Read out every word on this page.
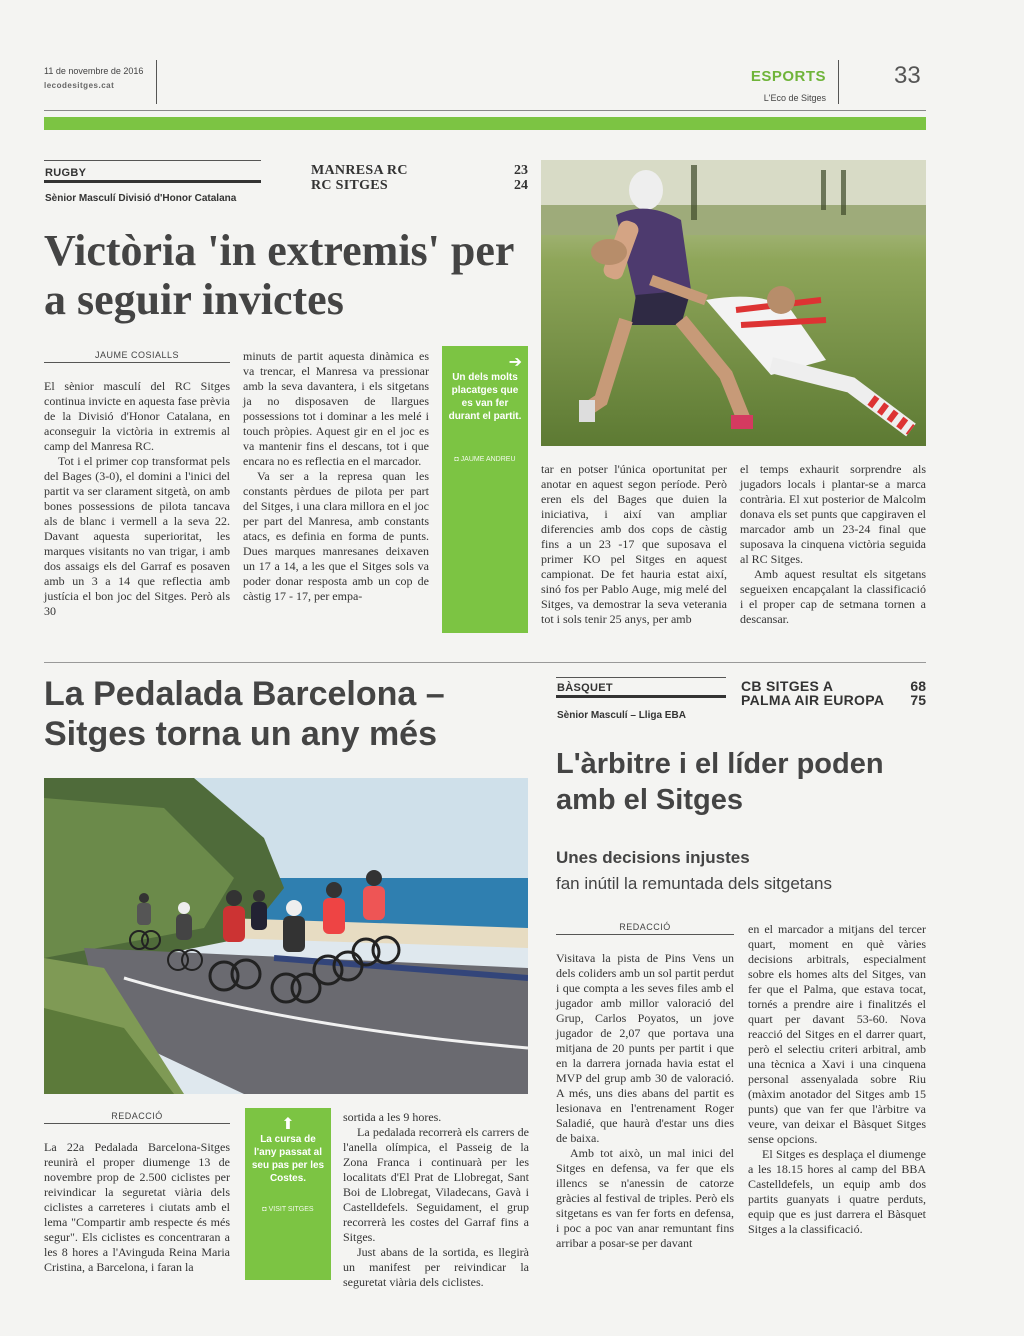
11 de novembre de 2016
lecodesitges.cat
ESPORTS
L'Eco de Sitges
33
RUGBY
Sènior Masculí Divisió d'Honor Catalana
MANRESA RC	23
RC SITGES	24
Victòria 'in extremis' per a seguir invictes
JAUME COSIALLS

El sènior masculí del RC Sitges continua invicte en aquesta fase prèvia de la Divisió d'Honor Catalana, en aconseguir la victòria in extremis al camp del Manresa RC.

Tot i el primer cop transformat pels del Bages (3-0), el domini a l'inici del partit va ser clarament sitgetà, on amb bones possessions de pilota tancava als de blanc i vermell a la seva 22. Davant aquesta superioritat, les marques visitants no van trigar, i amb dos assaigs els del Garraf es posaven amb un 3 a 14 que reflectia amb justícia el bon joc del Sitges. Però als 30

minuts de partit aquesta dinàmica es va trencar, el Manresa va pressionar amb la seva davantera, i els sitgetans ja no disposaven de llargues possessions tot i dominar a les melé i touch pròpies. Aquest gir en el joc es va mantenir fins el descans, tot i que encara no es reflectia en el marcador.

Va ser a la represa quan les constants pèrdues de pilota per part del Sitges, i una clara millora en el joc per part del Manresa, amb constants atacs, es definia en forma de punts. Dues marques manresanes deixaven un 17 a 14, a les que el Sitges sols va poder donar resposta amb un cop de càstig 17 - 17, per empa-

➔
Un dels molts placatges que es van fer durant el partit.
◘ JAUME ANDREU

tar en potser l'única oportunitat per anotar en aquest segon període. Però eren els del Bages que duien la iniciativa, i així van ampliar diferencies amb dos cops de càstig fins a un 23 -17 que suposava el primer KO pel Sitges en aquest campionat. De fet hauria estat així, sinó fos per Pablo Auge, mig melé del Sitges, va demostrar la seva veterania tot i sols tenir 25 anys, per amb

el temps exhaurit sorprendre als jugadors locals i plantar-se a marca contrària. El xut posterior de Malcolm donava els set punts que capgiraven el marcador amb un 23-24 final que suposava la cinquena victòria seguida al RC Sitges.

Amb aquest resultat els sitgetans segueixen encapçalant la classificació i el proper cap de setmana tornen a descansar.

La Pedalada Barcelona – Sitges torna un any més
REDACCIÓ

La 22a Pedalada Barcelona-Sitges reunirà el proper diumenge 13 de novembre prop de 2.500 ciclistes per reivindicar la seguretat viària dels ciclistes a carreteres i ciutats amb el lema "Compartir amb respecte és més segur". Els ciclistes es concentraran a les 8 hores a l'Avinguda Reina Maria Cristina, a Barcelona, i faran la

⬆
La cursa de l'any passat al seu pas per les Costes.
◘ VISIT SITGES

sortida a les 9 hores.

La pedalada recorrerà els carrers de l'anella olímpica, el Passeig de la Zona Franca i continuarà per les localitats d'El Prat de Llobregat, Sant Boi de Llobregat, Viladecans, Gavà i Castelldefels. Seguidament, el grup recorrerà les costes del Garraf fins a Sitges.

Just abans de la sortida, es llegirà un manifest per reivindicar la seguretat viària dels ciclistes.

BÀSQUET
Sènior Masculí – Lliga EBA
CB SITGES A	68
PALMA AIR EUROPA	75
L'àrbitre i el líder poden amb el Sitges
Unes decisions injustes
fan inútil la remuntada dels sitgetans
REDACCIÓ

Visitava la pista de Pins Vens un dels coliders amb un sol partit perdut i que compta a les seves files amb el jugador amb millor valoració del Grup, Carlos Poyatos, un jove jugador de 2,07 que portava una mitjana de 20 punts per partit i que en la darrera jornada havia estat el MVP del grup amb 30 de valoració. A més, uns dies abans del partit es lesionava en l'entrenament Roger Saladié, que haurà d'estar uns dies de baixa.

Amb tot això, un mal inici del Sitges en defensa, va fer que els illencs se n'anessin de catorze gràcies al festival de triples. Però els sitgetans es van fer forts en defensa, i poc a poc van anar remuntant fins arribar a posar-se per davant

en el marcador a mitjans del tercer quart, moment en què vàries decisions arbitrals, especialment sobre els homes alts del Sitges, van fer que el Palma, que estava tocat, tornés a prendre aire i finalitzés el quart per davant 53-60. Nova reacció del Sitges en el darrer quart, però el selectiu criteri arbitral, amb una tècnica a Xavi i una cinquena personal assenyalada sobre Riu (màxim anotador del Sitges amb 15 punts) que van fer que l'àrbitre va veure, van deixar el Bàsquet Sitges sense opcions.

El Sitges es desplaça el diumenge a les 18.15 hores al camp del BBA Castelldefels, un equip amb dos partits guanyats i quatre perduts, equip que es just darrera el Bàsquet Sitges a la classificació.
